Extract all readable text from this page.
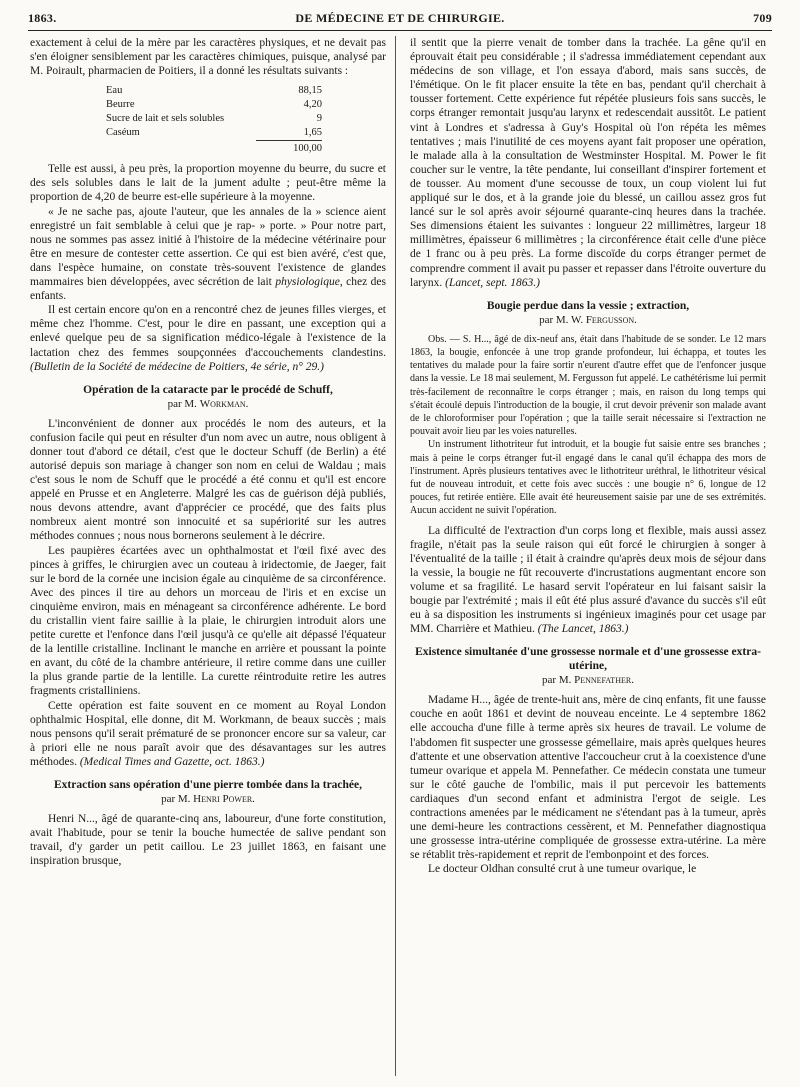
1863.	DE MÉDECINE ET DE CHIRURGIE.	709

exactement à celui de la mère par les caractères physiques, et ne devait pas s'en éloigner sensiblement par les caractères chimiques, puisque, analysé par M. Poirault, pharmacien de Poitiers, il a donné les résultats suivants :

Eau	88,15
Beurre	4,20
Sucre de lait et sels solubles	9
Caséum	1,65
100,00

Telle est aussi, à peu près, la proportion moyenne du beurre, du sucre et des sels solubles dans le lait de la jument adulte ; peut-être même la proportion de 4,20 de beurre est-elle supérieure à la moyenne.

« Je ne sache pas, ajoute l'auteur, que les annales de la » science aient enregistré un fait semblable à celui que je rap- » porte. » Pour notre part, nous ne sommes pas assez initié à l'histoire de la médecine vétérinaire pour être en mesure de contester cette assertion. Ce qui est bien avéré, c'est que, dans l'espèce humaine, on constate très-souvent l'existence de glandes mammaires bien développées, avec sécrétion de lait physiologique, chez des enfants.

Il est certain encore qu'on en a rencontré chez de jeunes filles vierges, et même chez l'homme. C'est, pour le dire en passant, une exception qui a enlevé quelque peu de sa signification médico-légale à l'existence de la lactation chez des femmes soupçonnées d'accouchements clandestins. (Bulletin de la Société de médecine de Poitiers, 4e série, n° 29.)

Opération de la cataracte par le procédé de Schuff,
par M. Workman.

L'inconvénient de donner aux procédés le nom des auteurs, et la confusion facile qui peut en résulter d'un nom avec un autre, nous obligent à donner tout d'abord ce détail, c'est que le docteur Schuff (de Berlin) a été autorisé depuis son mariage à changer son nom en celui de Waldau ; mais c'est sous le nom de Schuff que le procédé a été connu et qu'il est encore appelé en Prusse et en Angleterre. Malgré les cas de guérison déjà publiés, nous devons attendre, avant d'apprécier ce procédé, que des faits plus nombreux aient montré son innocuité et sa supériorité sur les autres méthodes connues ; nous nous bornerons seulement à le décrire.

Les paupières écartées avec un ophthalmostat et l'œil fixé avec des pinces à griffes, le chirurgien avec un couteau à iridectomie, de Jaeger, fait sur le bord de la cornée une incision égale au cinquième de sa circonférence. Avec des pinces il tire au dehors un morceau de l'iris et en excise un cinquième environ, mais en ménageant sa circonférence adhérente. Le bord du cristallin vient faire saillie à la plaie, le chirurgien introduit alors une petite curette et l'enfonce dans l'œil jusqu'à ce qu'elle ait dépassé l'équateur de la lentille cristalline. Inclinant le manche en arrière et poussant la pointe en avant, du côté de la chambre antérieure, il retire comme dans une cuiller la plus grande partie de la lentille. La curette réintroduite retire les autres fragments cristalliniens.

Cette opération est faite souvent en ce moment au Royal London ophthalmic Hospital, elle donne, dit M. Workmann, de beaux succès ; mais nous pensons qu'il serait prématuré de se prononcer encore sur sa valeur, car à priori elle ne nous paraît avoir que des désavantages sur les autres méthodes. (Medical Times and Gazette, oct. 1863.)

Extraction sans opération d'une pierre tombée dans la trachée,
par M. Henri Power.

Henri N..., âgé de quarante-cinq ans, laboureur, d'une forte constitution, avait l'habitude, pour se tenir la bouche humectée de salive pendant son travail, d'y garder un petit caillou. Le 23 juillet 1863, en faisant une inspiration brusque,

il sentit que la pierre venait de tomber dans la trachée. La gêne qu'il en éprouvait était peu considérable ; il s'adressa immédiatement cependant aux médecins de son village, et l'on essaya d'abord, mais sans succès, de l'émétique. On le fit placer ensuite la tête en bas, pendant qu'il cherchait à tousser fortement. Cette expérience fut répétée plusieurs fois sans succès, le corps étranger remontait jusqu'au larynx et redescendait aussitôt. Le patient vint à Londres et s'adressa à Guy's Hospital où l'on répéta les mêmes tentatives ; mais l'inutilité de ces moyens ayant fait proposer une opération, le malade alla à la consultation de Westminster Hospital. M. Power le fit coucher sur le ventre, la tête pendante, lui conseillant d'inspirer fortement et de tousser. Au moment d'une secousse de toux, un coup violent lui fut appliqué sur le dos, et à la grande joie du blessé, un caillou assez gros fut lancé sur le sol après avoir séjourné quarante-cinq heures dans la trachée. Ses dimensions étaient les suivantes : longueur 22 millimètres, largeur 18 millimètres, épaisseur 6 millimètres ; la circonférence était celle d'une pièce de 1 franc ou à peu près. La forme discoïde du corps étranger permet de comprendre comment il avait pu passer et repasser dans l'étroite ouverture du larynx. (Lancet, sept. 1863.)

Bougie perdue dans la vessie ; extraction,
par M. W. Fergusson.

Obs. — S. H..., âgé de dix-neuf ans, était dans l'habitude de se sonder. Le 12 mars 1863, la bougie, enfoncée à une trop grande profondeur, lui échappa, et toutes les tentatives du malade pour la faire sortir n'eurent d'autre effet que de l'enfoncer jusque dans la vessie. Le 18 mai seulement, M. Fergusson fut appelé. Le cathétérisme lui permit très-facilement de reconnaître le corps étranger ; mais, en raison du long temps qui s'était écoulé depuis l'introduction de la bougie, il crut devoir prévenir son malade avant de le chloroformiser pour l'opération ; que la taille serait nécessaire si l'extraction ne pouvait avoir lieu par les voies naturelles.

Un instrument lithotriteur fut introduit, et la bougie fut saisie entre ses branches ; mais à peine le corps étranger fut-il engagé dans le canal qu'il échappa des mors de l'instrument. Après plusieurs tentatives avec le lithotriteur uréthral, le lithotriteur vésical fut de nouveau introduit, et cette fois avec succès : une bougie n° 6, longue de 12 pouces, fut retirée entière. Elle avait été heureusement saisie par une de ses extrémités. Aucun accident ne suivit l'opération.

La difficulté de l'extraction d'un corps long et flexible, mais aussi assez fragile, n'était pas la seule raison qui eût forcé le chirurgien à songer à l'éventualité de la taille ; il était à craindre qu'après deux mois de séjour dans la vessie, la bougie ne fût recouverte d'incrustations augmentant encore son volume et sa fragilité. Le hasard servit l'opérateur en lui faisant saisir la bougie par l'extrémité ; mais il eût été plus assuré d'avance du succès s'il eût eu à sa disposition les instruments si ingénieux imaginés pour cet usage par MM. Charrière et Mathieu. (The Lancet, 1863.)

Existence simultanée d'une grossesse normale et d'une grossesse extra-utérine,
par M. Pennefather.

Madame H..., âgée de trente-huit ans, mère de cinq enfants, fit une fausse couche en août 1861 et devint de nouveau enceinte. Le 4 septembre 1862 elle accoucha d'une fille à terme après six heures de travail. Le volume de l'abdomen fit suspecter une grossesse gémellaire, mais après quelques heures d'attente et une observation attentive l'accoucheur crut à la coexistence d'une tumeur ovarique et appela M. Pennefather. Ce médecin constata une tumeur sur le côté gauche de l'ombilic, mais il put percevoir les battements cardiaques d'un second enfant et administra l'ergot de seigle. Les contractions amenées par le médicament ne s'étendant pas à la tumeur, après une demi-heure les contractions cessèrent, et M. Pennefather diagnostiqua une grossesse intra-utérine compliquée de grossesse extra-utérine. La mère se rétablit très-rapidement et reprit de l'embonpoint et des forces.

Le docteur Oldhan consulté crut à une tumeur ovarique, le
